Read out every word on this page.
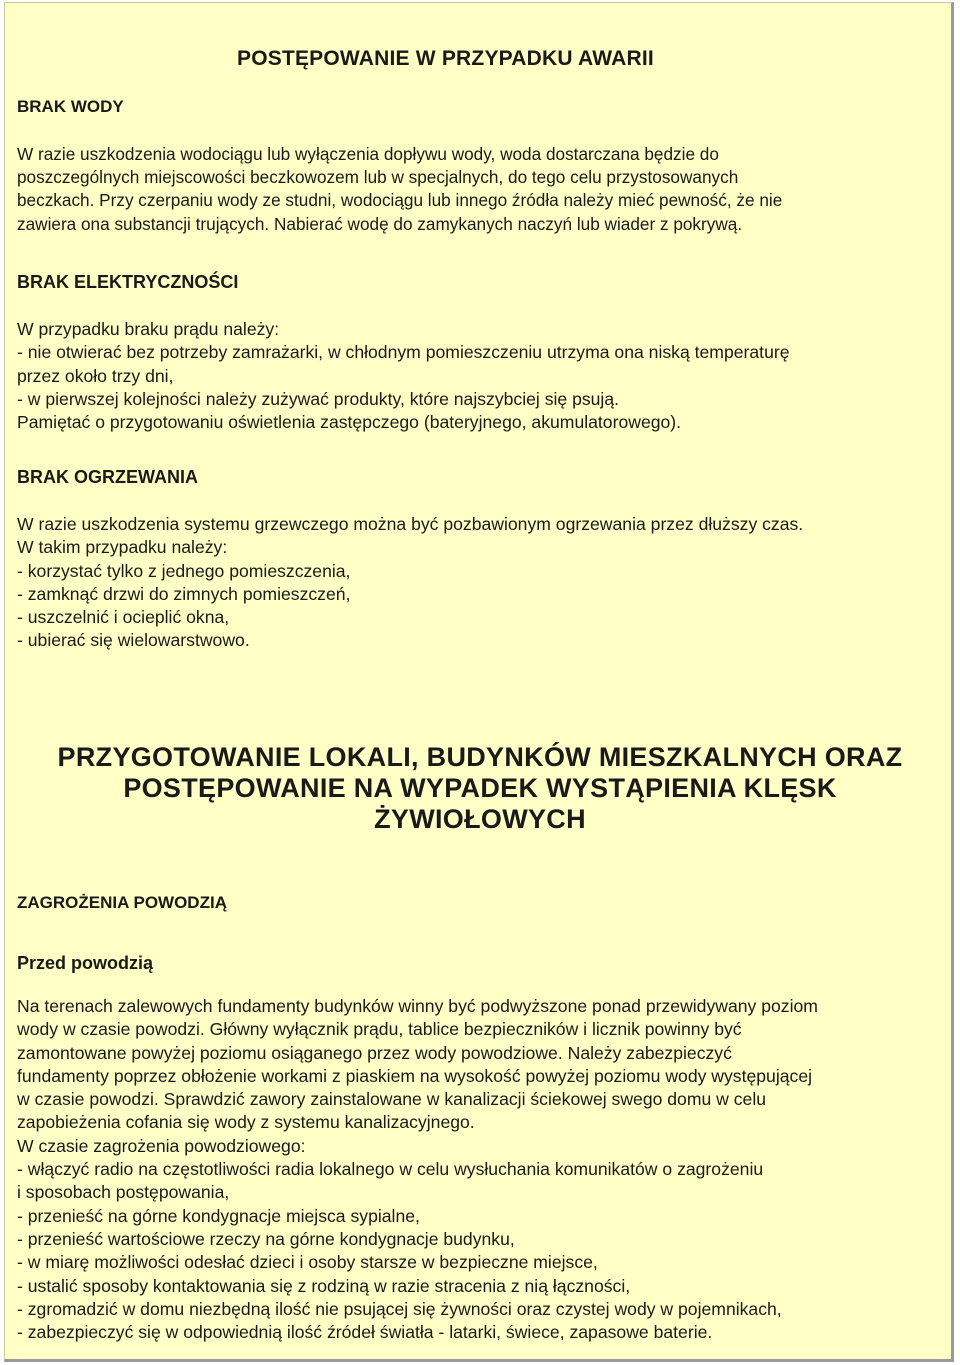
POSTĘPOWANIE W PRZYPADKU AWARII
BRAK WODY
W razie uszkodzenia wodociągu lub wyłączenia dopływu wody, woda dostarczana będzie do
poszczególnych miejscowości beczkowozem lub w specjalnych, do tego celu przystosowanych
beczkach. Przy czerpaniu wody ze studni, wodociągu lub innego źródła należy mieć pewność, że nie
zawiera ona substancji trujących. Nabierać wodę do zamykanych naczyń lub wiader z pokrywą.
BRAK ELEKTRYCZNOŚCI
W przypadku braku prądu należy:
- nie otwierać bez potrzeby zamrażarki, w chłodnym pomieszczeniu utrzyma ona niską temperaturę
przez około trzy dni,
- w pierwszej kolejności należy zużywać produkty, które najszybciej się psują.
Pamiętać o przygotowaniu oświetlenia zastępczego (bateryjnego, akumulatorowego).
BRAK OGRZEWANIA
W razie uszkodzenia systemu grzewczego można być pozbawionym ogrzewania przez dłuższy czas.
W takim przypadku należy:
- korzystać tylko z jednego pomieszczenia,
- zamknąć drzwi do zimnych pomieszczeń,
- uszczelnić i ocieplić okna,
- ubierać się wielowarstwowo.
PRZYGOTOWANIE LOKALI, BUDYNKÓW MIESZKALNYCH ORAZ
POSTĘPOWANIE NA WYPADEK WYSTĄPIENIA KLĘSK
ŻYWIOŁOWYCH
ZAGROŻENIA POWODZIĄ
Przed powodzią
Na terenach zalewowych fundamenty budynków winny być podwyższone ponad przewidywany poziom
wody w czasie powodzi. Główny wyłącznik prądu, tablice bezpieczników i licznik powinny być
zamontowane powyżej poziomu osiąganego przez wody powodziowe. Należy zabezpieczyć
fundamenty poprzez obłożenie workami z piaskiem na wysokość powyżej poziomu wody występującej
w czasie powodzi. Sprawdzić zawory zainstalowane w kanalizacji ściekowej swego domu w celu
zapobieżenia cofania się wody z systemu kanalizacyjnego.
W czasie zagrożenia powodziowego:
- włączyć radio na częstotliwości radia lokalnego w celu wysłuchania komunikatów o zagrożeniu
i sposobach postępowania,
- przenieść na górne kondygnacje miejsca sypialne,
- przenieść wartościowe rzeczy na górne kondygnacje budynku,
- w miarę możliwości odesłać dzieci i osoby starsze w bezpieczne miejsce,
- ustalić sposoby kontaktowania się z rodziną w razie stracenia z nią łączności,
- zgromadzić w domu niezbędną ilość nie psującej się żywności oraz czystej wody w pojemnikach,
- zabezpieczyć się w odpowiednią ilość źródeł światła - latarki, świece, zapasowe baterie.
